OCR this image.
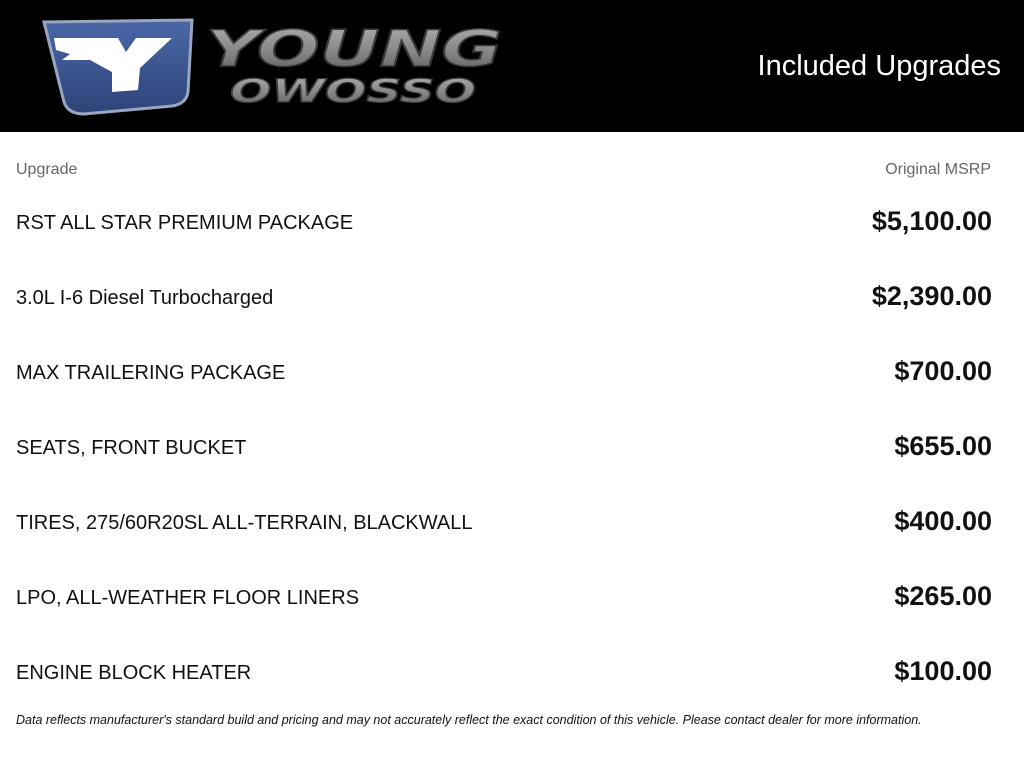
YOUNG
OWOSSO
Included Upgrades
Upgrade	Original MSRP
RST ALL STAR PREMIUM PACKAGE	$5,100.00
3.0L I-6 Diesel Turbocharged	$2,390.00
MAX TRAILERING PACKAGE	$700.00
SEATS, FRONT BUCKET	$655.00
TIRES, 275/60R20SL ALL-TERRAIN, BLACKWALL	$400.00
LPO, ALL-WEATHER FLOOR LINERS	$265.00
ENGINE BLOCK HEATER	$100.00
Data reflects manufacturer's standard build and pricing and may not accurately reflect the exact condition of this vehicle. Please contact dealer for more information.
